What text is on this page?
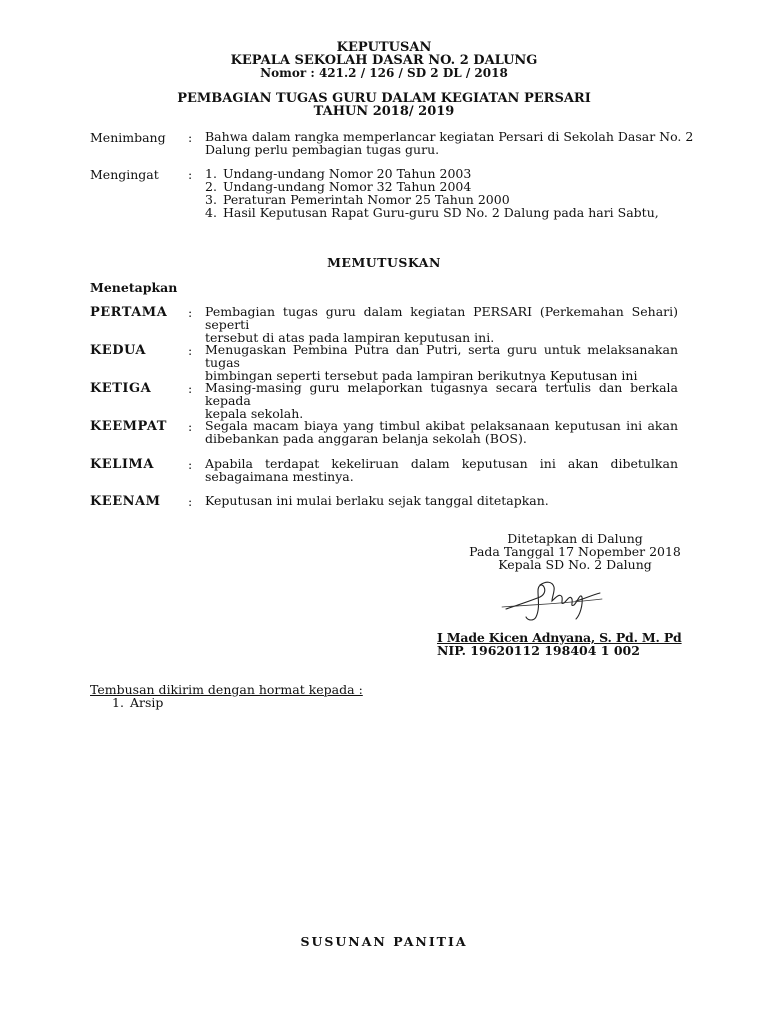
KEPUTUSAN
KEPALA SEKOLAH DASAR NO. 2 DALUNG
Nomor : 421.2 / 126 / SD 2 DL / 2018
PEMBAGIAN TUGAS GURU DALAM KEGIATAN PERSARI
TAHUN 2018/ 2019
Menimbang : Bahwa dalam rangka memperlancar kegiatan Persari di Sekolah Dasar No. 2
Dalung perlu pembagian tugas guru.
Mengingat : 1. Undang-undang Nomor 20 Tahun 2003
2. Undang-undang Nomor 32 Tahun 2004
3. Peraturan Pemerintah Nomor 25 Tahun 2000
4. Hasil Keputusan Rapat Guru-guru SD No. 2 Dalung pada hari Sabtu,
MEMUTUSKAN
Menetapkan
PERTAMA : Pembagian tugas guru dalam kegiatan PERSARI (Perkemahan Sehari) seperti
tersebut di atas pada lampiran keputusan ini.
KEDUA	: Menugaskan Pembina Putra dan Putri, serta guru untuk melaksanakan tugas
bimbingan seperti tersebut pada lampiran berikutnya Keputusan ini
KETIGA	: Masing-masing guru melaporkan tugasnya secara tertulis dan berkala kepada
kepala sekolah.
KEEMPAT : Segala macam biaya yang timbul akibat pelaksanaan keputusan ini akan
dibebankan pada anggaran belanja sekolah (BOS).
KELIMA	: Apabila terdapat kekeliruan dalam keputusan ini akan dibetulkan
sebagaimana mestinya.
KEENAM : Keputusan ini mulai berlaku sejak tanggal ditetapkan.
Ditetapkan di Dalung
Pada Tanggal 17 Nopember 2018
Kepala SD No. 2 Dalung
I Made Kicen Adnyana, S. Pd. M. Pd
NIP. 19620112 198404 1 002
Tembusan dikirim dengan hormat kepada :
1. Arsip
SUSUNAN PANITIA
